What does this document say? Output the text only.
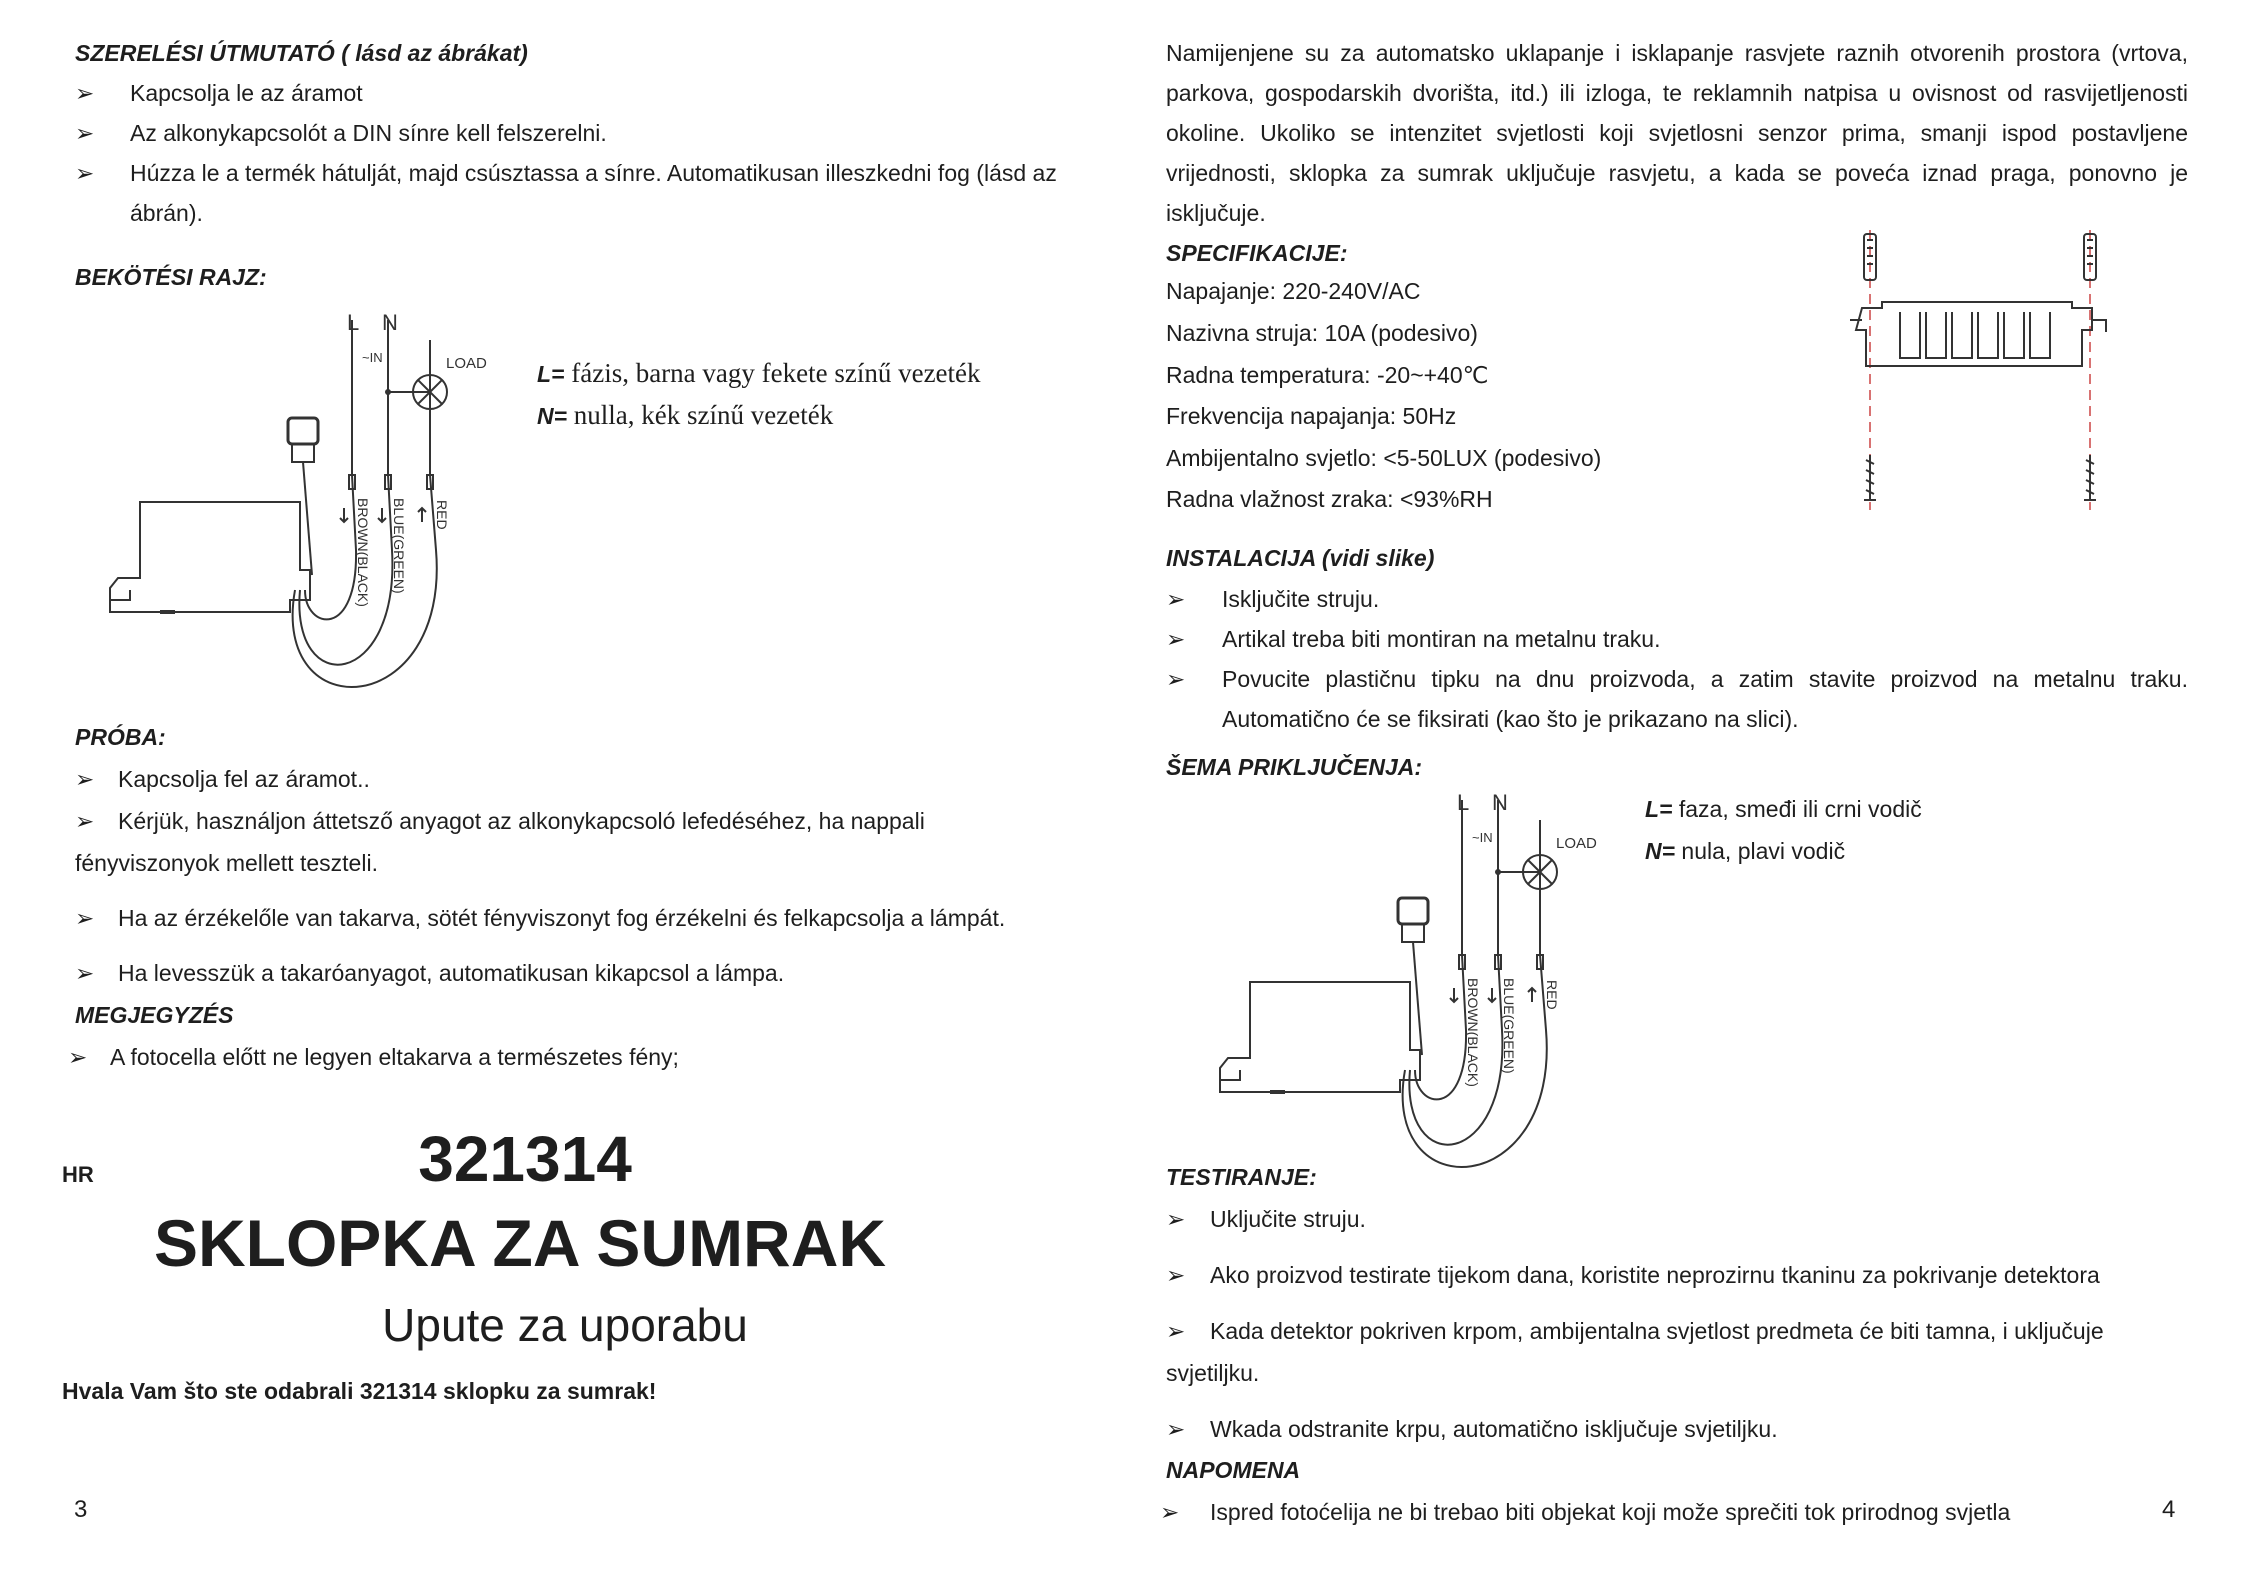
SZERELÉSI ÚTMUTATÓ ( lásd az ábrákat)
➢ Kapcsolja le az áramot
➢ Az alkonykapcsolót a DIN sínre kell felszerelni.
➢ Húzza le a termék hátulját, majd csúsztassa a sínre. Automatikusan illeszkedni fog (lásd az
ábrán).
BEKÖTÉSI RAJZ:
L N
~IN	LOAD
BROWN(BLACK) BLUE(GREEN) RED
L= fázis, barna vagy fekete színű vezeték
N= nulla, kék színű vezeték
PRÓBA:
➢ Kapcsolja fel az áramot..
➢ Kérjük, használjon áttetsző anyagot az alkonykapcsoló lefedéséhez, ha nappali
fényviszonyok mellett teszteli.
➢ Ha az érzékelőle van takarva, sötét fényviszonyt fog érzékelni és felkapcsolja a lámpát.
➢ Ha levesszük a takaróanyagot, automatikusan kikapcsol a lámpa.
MEGJEGYZÉS
➢ A fotocella előtt ne legyen eltakarva a természetes fény;
HR	321314
SKLOPKA ZA SUMRAK
Upute za uporabu
Hvala Vam što ste odabrali 321314 sklopku za sumrak!
3
Namijenjene su za automatsko uklapanje i isklapanje rasvjete raznih otvorenih prostora (vrtova,
parkova, gospodarskih dvorišta, itd.) ili izloga, te reklamnih natpisa u ovisnost od rasvijetljenosti
okoline. Ukoliko se intenzitet svjetlosti koji svjetlosni senzor prima, smanji ispod postavljene
vrijednosti, sklopka za sumrak uključuje rasvjetu, a kada se poveća iznad praga, ponovno je
isključuje.
SPECIFIKACIJE:
Napajanje: 220-240V/AC
Nazivna struja: 10A (podesivo)
Radna temperatura: -20~+40℃
Frekvencija napajanja: 50Hz
Ambijentalno svjetlo: <5-50LUX (podesivo)
Radna vlažnost zraka: <93%RH
INSTALACIJA (vidi slike)
➢ Isključite struju.
➢ Artikal treba biti montiran na metalnu traku.
➢ Povucite plastičnu tipku na dnu proizvoda, a zatim stavite proizvod na metalnu traku.
Automatično će se fiksirati (kao što je prikazano na slici).
ŠEMA PRIKLJUČENJA:
L N
~IN	LOAD
BROWN(BLACK) BLUE(GREEN) RED
L= faza, smeđi ili crni vodič
N= nula, plavi vodič
TESTIRANJE:
➢ Uključite struju.
➢ Ako proizvod testirate tijekom dana, koristite neprozirnu tkaninu za pokrivanje detektora
➢ Kada detektor pokriven krpom, ambijentalna svjetlost predmeta će biti tamna, i uključuje
svjetiljku.
➢ Wkada odstranite krpu, automatično isključuje svjetiljku.
NAPOMENA
➢ Ispred fotoćelija ne bi trebao biti objekat koji može sprečiti tok prirodnog svjetla	4
